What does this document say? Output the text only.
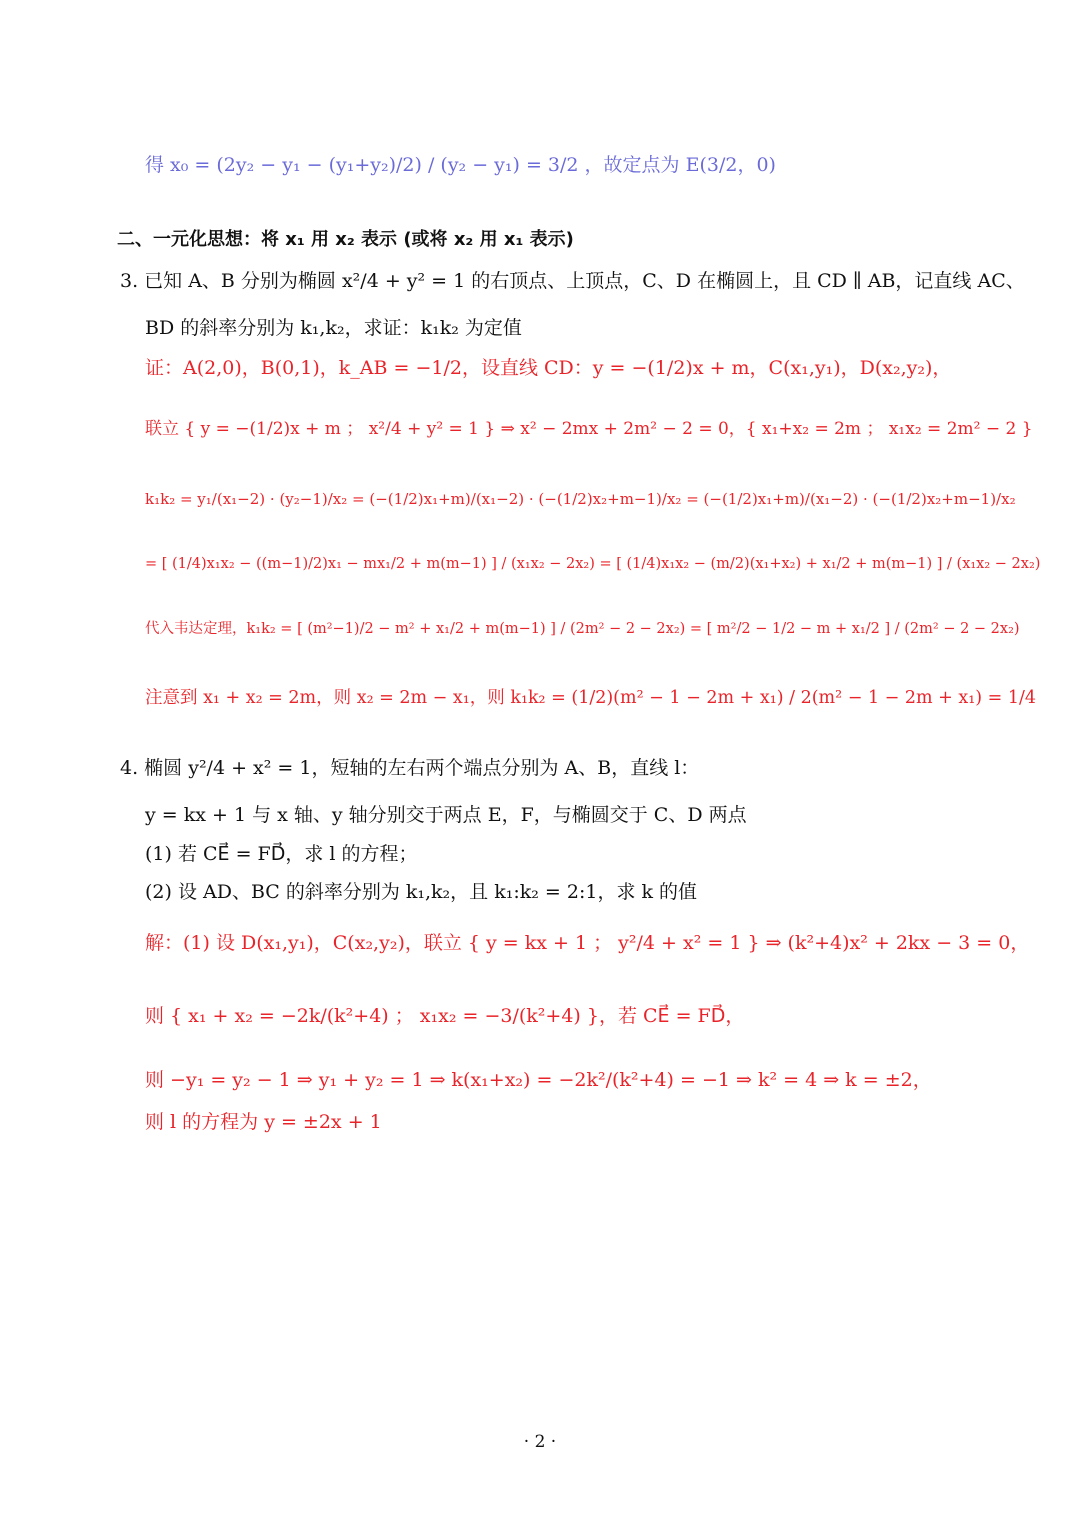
得 x₀ = (2y₂ − y₁ − (y₁+y₂)/2) / (y₂ − y₁) = 3/2 ，故定点为 E(3/2，0)
二、一元化思想：将 x₁ 用 x₂ 表示 (或将 x₂ 用 x₁ 表示)
3. 已知 A、B 分别为椭圆 x²/4 + y² = 1 的右顶点、上顶点，C、D 在椭圆上，且 CD ∥ AB，记直线 AC、
BD 的斜率分别为 k₁,k₂，求证：k₁k₂ 为定值
证：A(2,0)，B(0,1)，k_AB = −1/2，设直线 CD：y = −(1/2)x + m，C(x₁,y₁)，D(x₂,y₂)，
联立 { y = −(1/2)x + m ； x²/4 + y² = 1 } ⇒ x² − 2mx + 2m² − 2 = 0，{ x₁+x₂ = 2m ； x₁x₂ = 2m² − 2 }
k₁k₂ = y₁/(x₁−2) · (y₂−1)/x₂ = (−(1/2)x₁+m)/(x₁−2) · (−(1/2)x₂+m−1)/x₂ = (−(1/2)x₁+m)/(x₁−2) · (−(1/2)x₂+m−1)/x₂
= [ (1/4)x₁x₂ − ((m−1)/2)x₁ − mx₁/2 + m(m−1) ] / (x₁x₂ − 2x₂) = [ (1/4)x₁x₂ − (m/2)(x₁+x₂) + x₁/2 + m(m−1) ] / (x₁x₂ − 2x₂)
代入韦达定理，k₁k₂ = [ (m²−1)/2 − m² + x₁/2 + m(m−1) ] / (2m² − 2 − 2x₂) = [ m²/2 − 1/2 − m + x₁/2 ] / (2m² − 2 − 2x₂)
注意到 x₁ + x₂ = 2m，则 x₂ = 2m − x₁，则 k₁k₂ = (1/2)(m² − 1 − 2m + x₁) / 2(m² − 1 − 2m + x₁) = 1/4
4. 椭圆 y²/4 + x² = 1，短轴的左右两个端点分别为 A、B，直线 l：
y = kx + 1 与 x 轴、y 轴分别交于两点 E，F，与椭圆交于 C、D 两点
(1) 若 CE⃗ = FD⃗，求 l 的方程；
(2) 设 AD、BC 的斜率分别为 k₁,k₂，且 k₁:k₂ = 2:1，求 k 的值
解：(1) 设 D(x₁,y₁)，C(x₂,y₂)，联立 { y = kx + 1 ； y²/4 + x² = 1 } ⇒ (k²+4)x² + 2kx − 3 = 0，
则 { x₁ + x₂ = −2k/(k²+4) ； x₁x₂ = −3/(k²+4) }，若 CE⃗ = FD⃗，
则 −y₁ = y₂ − 1 ⇒ y₁ + y₂ = 1 ⇒ k(x₁+x₂) = −2k²/(k²+4) = −1 ⇒ k² = 4 ⇒ k = ±2，
则 l 的方程为 y = ±2x + 1
· 2 ·
